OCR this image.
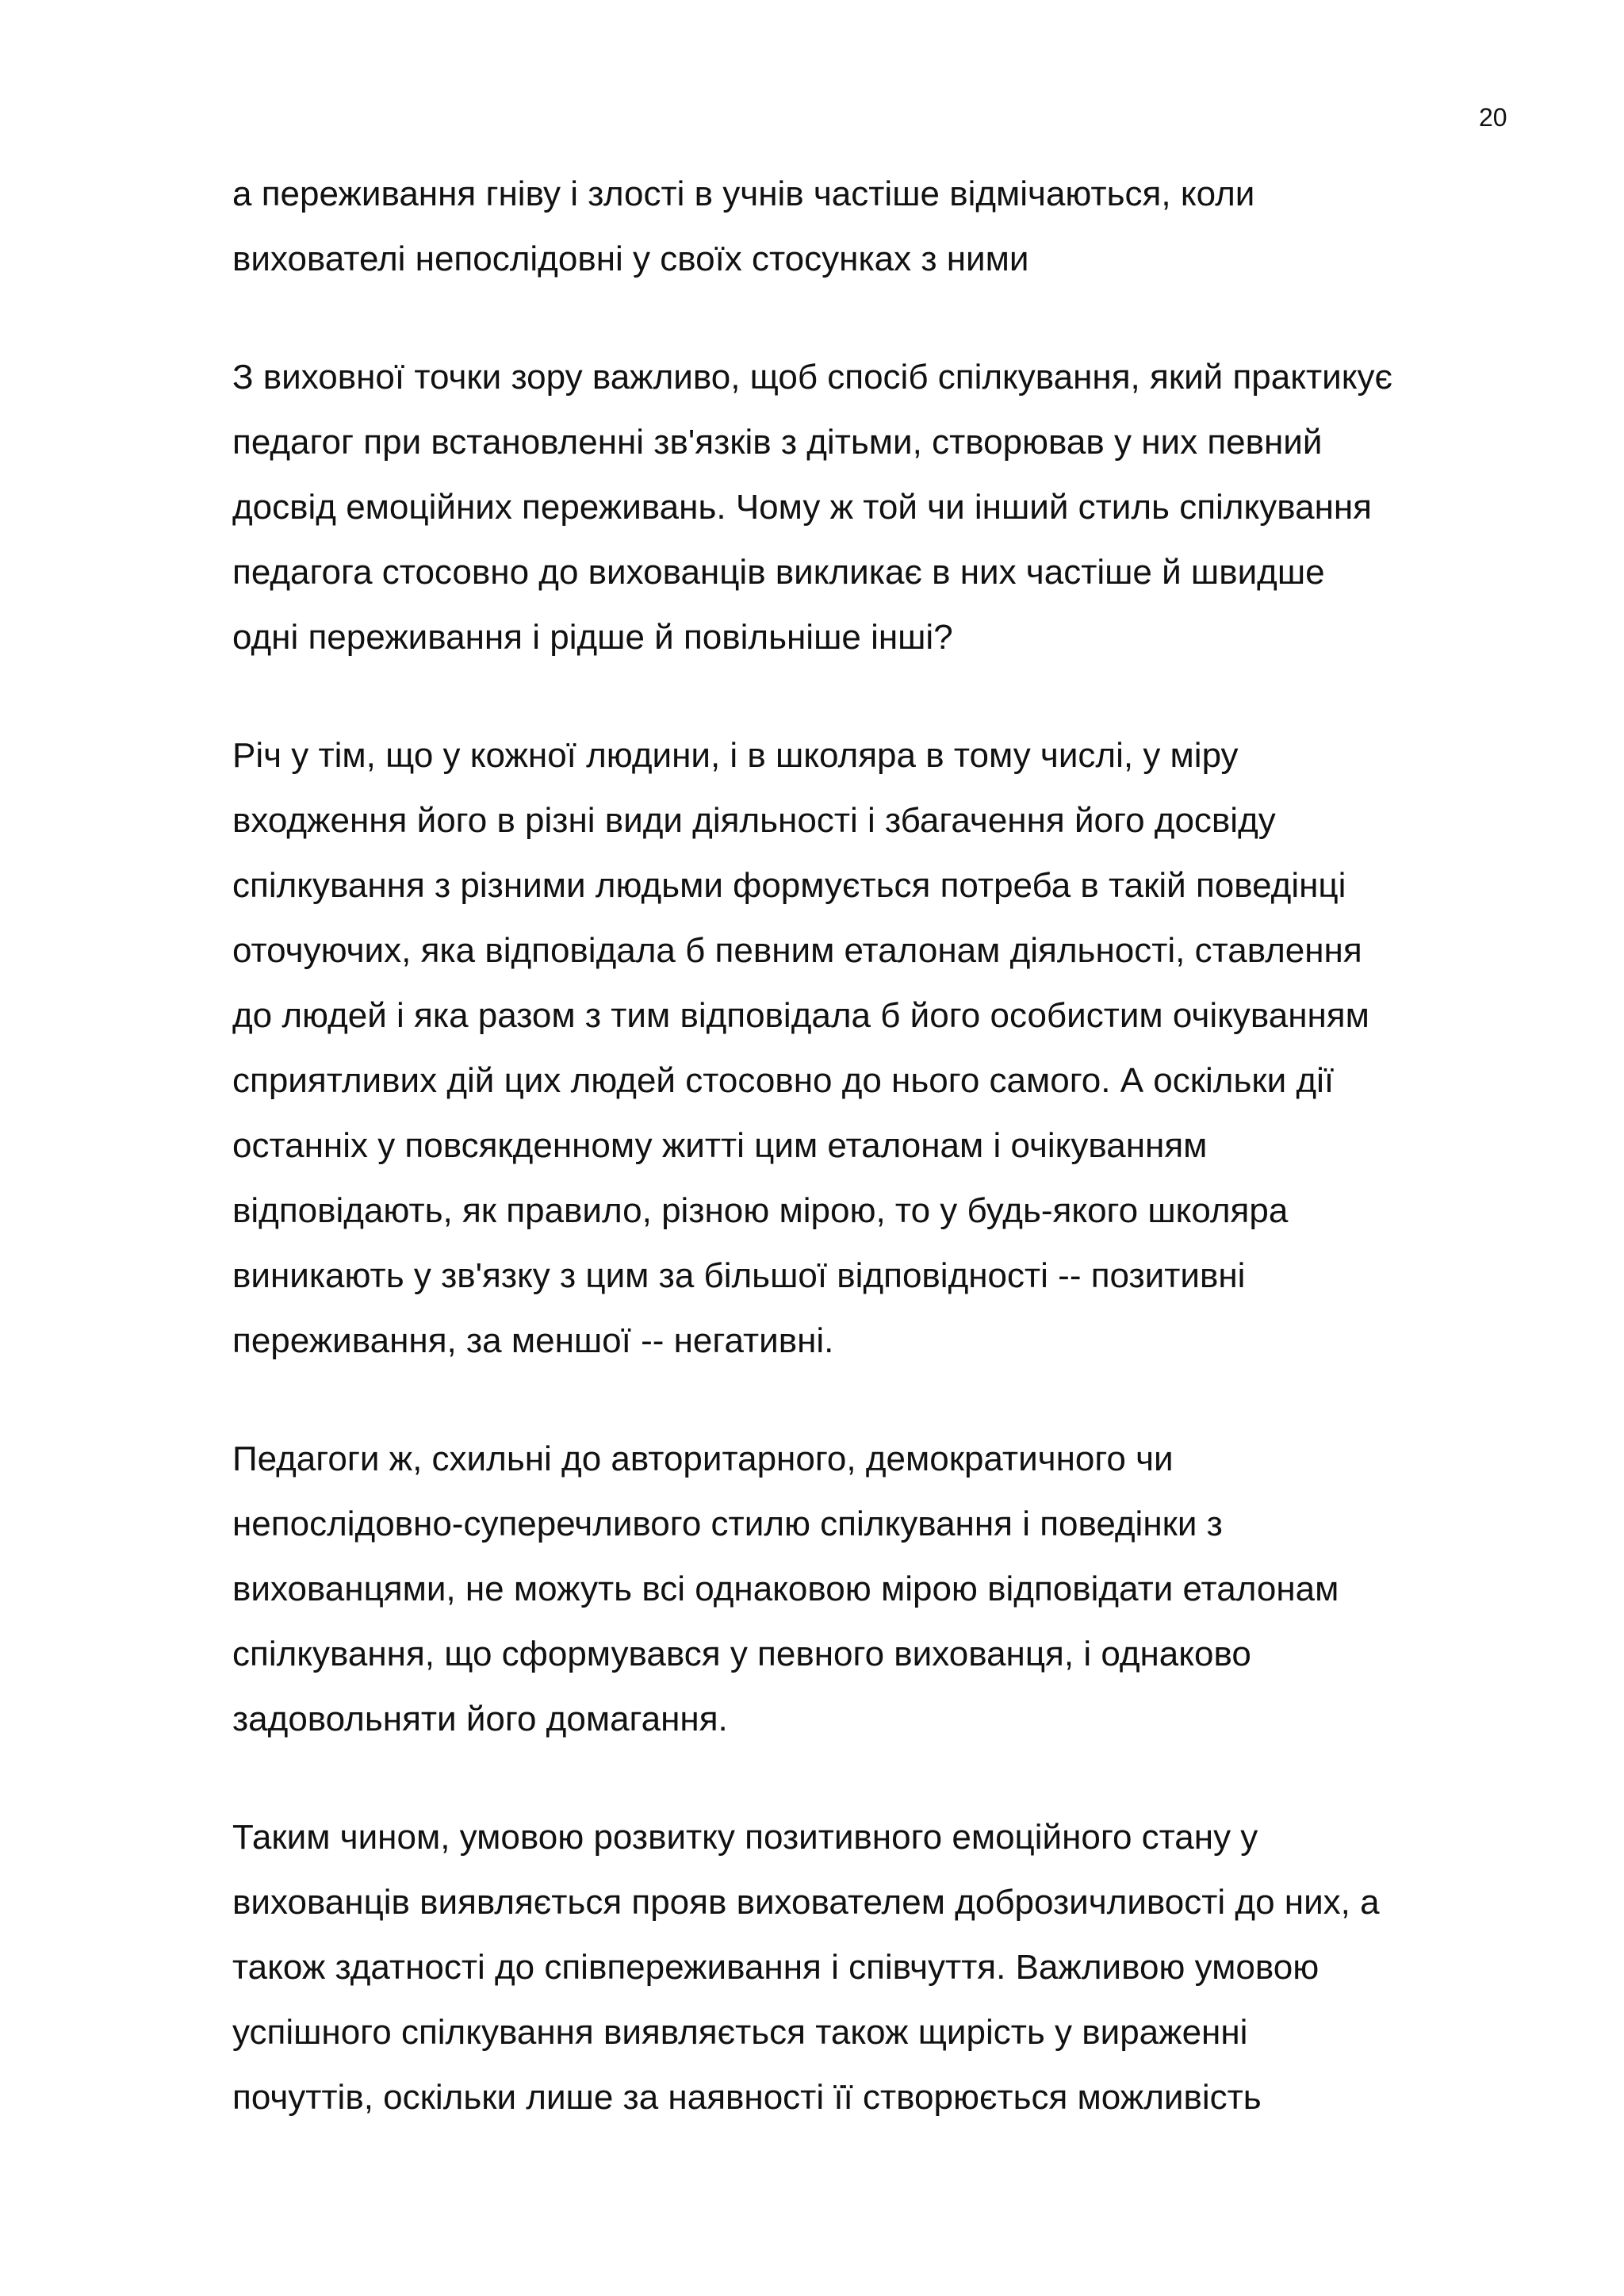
20

а переживання гніву і злості в учнів частіше відмічаються, коли
вихователі непослідовні у своїх стосунках з ними

З виховної точки зору важливо, щоб спосіб спілкування, який практикує
педагог при встановленні зв'язків з дітьми, створював у них певний
досвід емоційних переживань. Чому ж той чи інший стиль спілкування
педагога стосовно до вихованців викликає в них частіше й швидше
одні переживання і рідше й повільніше інші?

Річ у тім, що у кожної людини, і в школяра в тому числі, у міру
входження його в різні види діяльності і збагачення його досвіду
спілкування з різними людьми формується потреба в такій поведінці
оточуючих, яка відповідала б певним еталонам діяльності, ставлення
до людей і яка разом з тим відповідала б його особистим очікуванням
сприятливих дій цих людей стосовно до нього самого. А оскільки дії
останніх у повсякденному житті цим еталонам і очікуванням
відповідають, як правило, різною мірою, то у будь-якого школяра
виникають у зв'язку з цим за більшої відповідності -- позитивні
переживання, за меншої -- негативні.

Педагоги ж, схильні до авторитарного, демократичного чи
непослідовно-суперечливого стилю спілкування і поведінки з
вихованцями, не можуть всі однаковою мірою відповідати еталонам
спілкування, що сформувався у певного вихованця, і однаково
задовольняти його домагання.

Таким чином, умовою розвитку позитивного емоційного стану у
вихованців виявляється прояв вихователем доброзичливості до них, а
також здатності до співпереживання і співчуття. Важливою умовою
успішного спілкування виявляється також щирість у вираженні
почуттів, оскільки лише за наявності її створюється можливість
